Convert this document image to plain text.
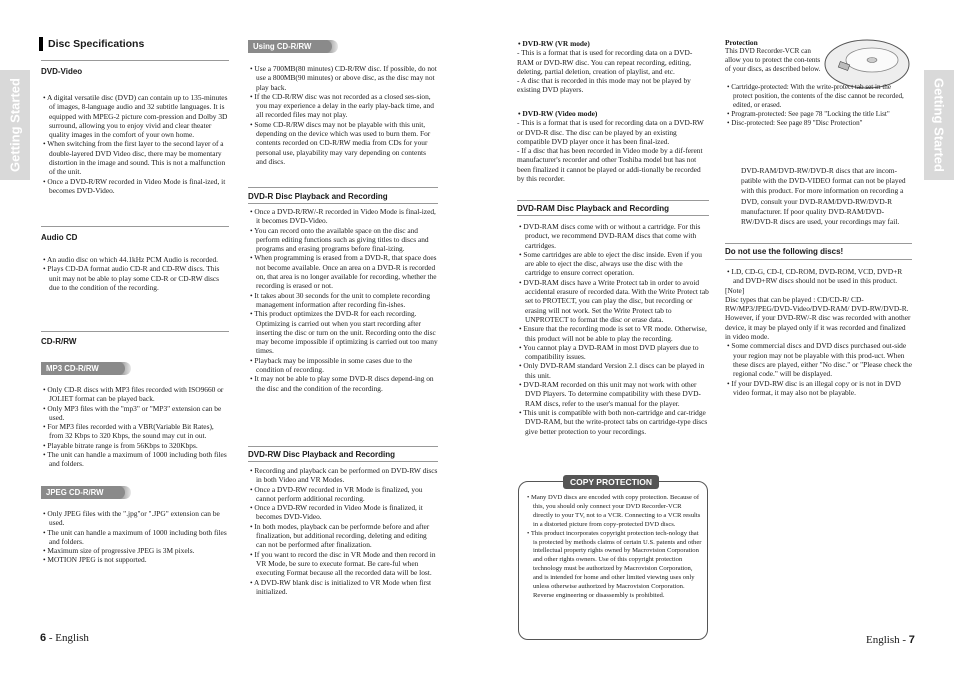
Getting Started	Getting Started
Disc Specifications

DVD-Video

• A digital versatile disc (DVD) can contain up to 135-minutes of images, 8-language audio and 32 subtitle languages. It is equipped with MPEG-2 picture com-pression and Dolby 3D surround, allowing you to enjoy vivid and clear theater quality images in the comfort of your own home.

• When switching from the first layer to the second layer of a double-layered DVD Video disc, there may be momentary distortion in the image and sound. This is not a malfunction of the unit.

• Once a DVD-R/RW recorded in Video Mode is final-ized, it becomes DVD-Video.

Audio CD

• An audio disc on which 44.1kHz PCM Audio is recorded.

• Plays CD-DA format audio CD-R and CD-RW discs. This unit may not be able to play some CD-R or CD-RW discs due to the condition of the recording.

CD-R/RW

MP3 CD-R/RW

• Only CD-R discs with MP3 files recorded with ISO9660 or JOLIET format can be played back.

• Only MP3 files with the "mp3" or "MP3" extension can be used.

• For MP3 files recorded with a VBR(Variable Bit Rates), from 32 Kbps to 320 Kbps, the sound may cut in out.

• Playable bitrate range is from 56Kbps to 320Kbps.

• The unit can handle a maximum of 1000 including both files and folders.

JPEG CD-R/RW

• Only JPEG files with the ".jpg"or ".JPG" extension can be used.

• The unit can handle a maximum of 1000 including both files and folders.

• Maximum size of progressive JPEG is 3M pixels.

• MOTION JPEG is not supported.

Using CD-R/RW

• Use a 700MB(80 minutes) CD-R/RW disc. If possible, do not use a 800MB(90 minutes) or above disc, as the disc may not play back.

• If the CD-R/RW disc was not recorded as a closed ses-sion, you may experience a delay in the early play-back time, and all recorded files may not play.

• Some CD-R/RW discs may not be playable with this unit, depending on the device which was used to burn them. For contents recorded on CD-R/RW media from CDs for your personal use, playability may vary depending on contents and discs.

DVD-R Disc Playback and Recording

• Once a DVD-R/RW/-R recorded in Video Mode is final-ized, it becomes DVD-Video.

• You can record onto the available space on the disc and perform editing functions such as giving titles to discs and programs and erasing programs before final-izing.

• When programming is erased from a DVD-R, that space does not become available. Once an area on a DVD-R is recorded on, that area is no longer available for recording, whether the recording is erased or not.

• It takes about 30 seconds for the unit to complete recording management information after recording fin-ishes.

• This product optimizes the DVD-R for each recording. Optimizing is carried out when you start recording after inserting the disc or turn on the unit. Recording onto the disc may become impossible if optimizing is carried out too many times.

• Playback may be impossible in some cases due to the condition of recording.

• It may not be able to play some DVD-R discs depend-ing on the disc and the condition of the recording.

DVD-RW Disc Playback and Recording

• Recording and playback can be performed on DVD-RW discs in both Video and VR Modes.

• Once a DVD-RW recorded in VR Mode is finalized, you cannot perform additional recording.

• Once a DVD-RW recorded in Video Mode is finalized, it becomes DVD-Video.

• In both modes, playback can be performde before and after finalization, but additional recording, deleting and editing can not be performed after finalization.

• If you want to record the disc in VR Mode and then record in VR Mode, be sure to execute format. Be care-ful when executing Format because all the recorded data will be lost.

• A DVD-RW blank disc is initialized to VR Mode when first initialized.

• DVD-RW (VR mode)

- This is a format that is used for recording data on a DVD-RAM or DVD-RW disc. You can repeat recording, editing, deleting, partial deletion, creation of playlist, and etc.

- A disc that is recorded in this mode may not be played by existing DVD players.

• DVD-RW (Video mode)

- This is a format that is used for recording data on a DVD-RW or DVD-R disc. The disc can be played by an existing compatible DVD player once it has been final-ized.

- If a disc that has been recorded in Video mode by a dif-ferent manufacturer's recorder and other Toshiba model but has not been finalized it cannot be played or addi-tionally be recorded by this recorder.

DVD-RAM Disc Playback and Recording

• DVD-RAM discs come with or without a cartridge. For this product, we recommend DVD-RAM discs that come with cartridges.

• Some cartridges are able to eject the disc inside. Even if you are able to eject the disc, always use the disc with the cartridge to ensure correct operation.

• DVD-RAM discs have a Write Protect tab in order to avoid accidental erasure of recorded data. With the Write Protect tab set to PROTECT, you can play the disc, but recording or erasing will not work. Set the Write Protect tab to UNPROTECT to format the disc or erase data.

• Ensure that the recording mode is set to VR mode. Otherwise, this product will not be able to play the recording.

• You cannot play a DVD-RAM in most DVD players due to compatibility issues.

• Only DVD-RAM standard Version 2.1 discs can be played in this unit.

• DVD-RAM recorded on this unit may not work with other DVD Players. To determine compatibility with these DVD-RAM discs, refer to the user's manual for the player.

• This unit is compatible with both non-cartridge and car-tridge DVD-RAM, but the write-protect tabs on cartridge-type discs give better protection to your recordings.

COPY PROTECTION

• Many DVD discs are encoded with copy protection. Because of this, you should only connect your DVD Recorder-VCR directly to your TV, not to a VCR. Connecting to a VCR results in a distorted picture from copy-protected DVD discs.

• This product incorporates copyright protection tech-nology that is protected by methods claims of certain U.S. patents and other intellectual property rights owned by Macrovision Corporation and other rights owners. Use of this copyright protection technology must be authorized by Macrovision Corporation, and is intended for home and other limited viewing uses only unless otherwise authorized by Macrovision Corporation. Reverse engineering or disassembly is prohibited.

Protection

This DVD Recorder-VCR can allow you to protect the con-tents of your discs, as described below.

• Cartridge-protected: With the write-protect tab set in the protect position, the contents of the disc cannot be recorded, edited, or erased.

• Program-protected: See page 78 "Locking the title List"

• Disc-protected: See page 89 "Disc Protection"

DVD-RAM/DVD-RW/DVD-R discs that are incom-patible with the DVD-VIDEO format can not be played with this product. For more information on recording a DVD, consult your DVD-RAM/DVD-RW/DVD-R manufacturer. If poor quality DVD-RAM/DVD-RW/DVD-R discs are used, your recordings may fail.

Do not use the following discs!

• LD, CD-G, CD-I, CD-ROM, DVD-ROM, VCD, DVD+R and DVD+RW discs should not be used in this product.

[Note]

Disc types that can be played : CD/CD-R/ CD-RW/MP3/JPEG/DVD-Video/DVD-RAM/ DVD-RW/DVD-R. However, if your DVD-RW/-R disc was recorded with another device, it may be played only if it was recorded and finalized in video mode.

• Some commercial discs and DVD discs purchased out-side your region may not be playable with this prod-uct. When these discs are played, either "No disc." or "Please check the regional code." will be displayed.

• If your DVD-RW disc is an illegal copy or is not in DVD video format, it may also not be playable.

6 - English	English - 7
